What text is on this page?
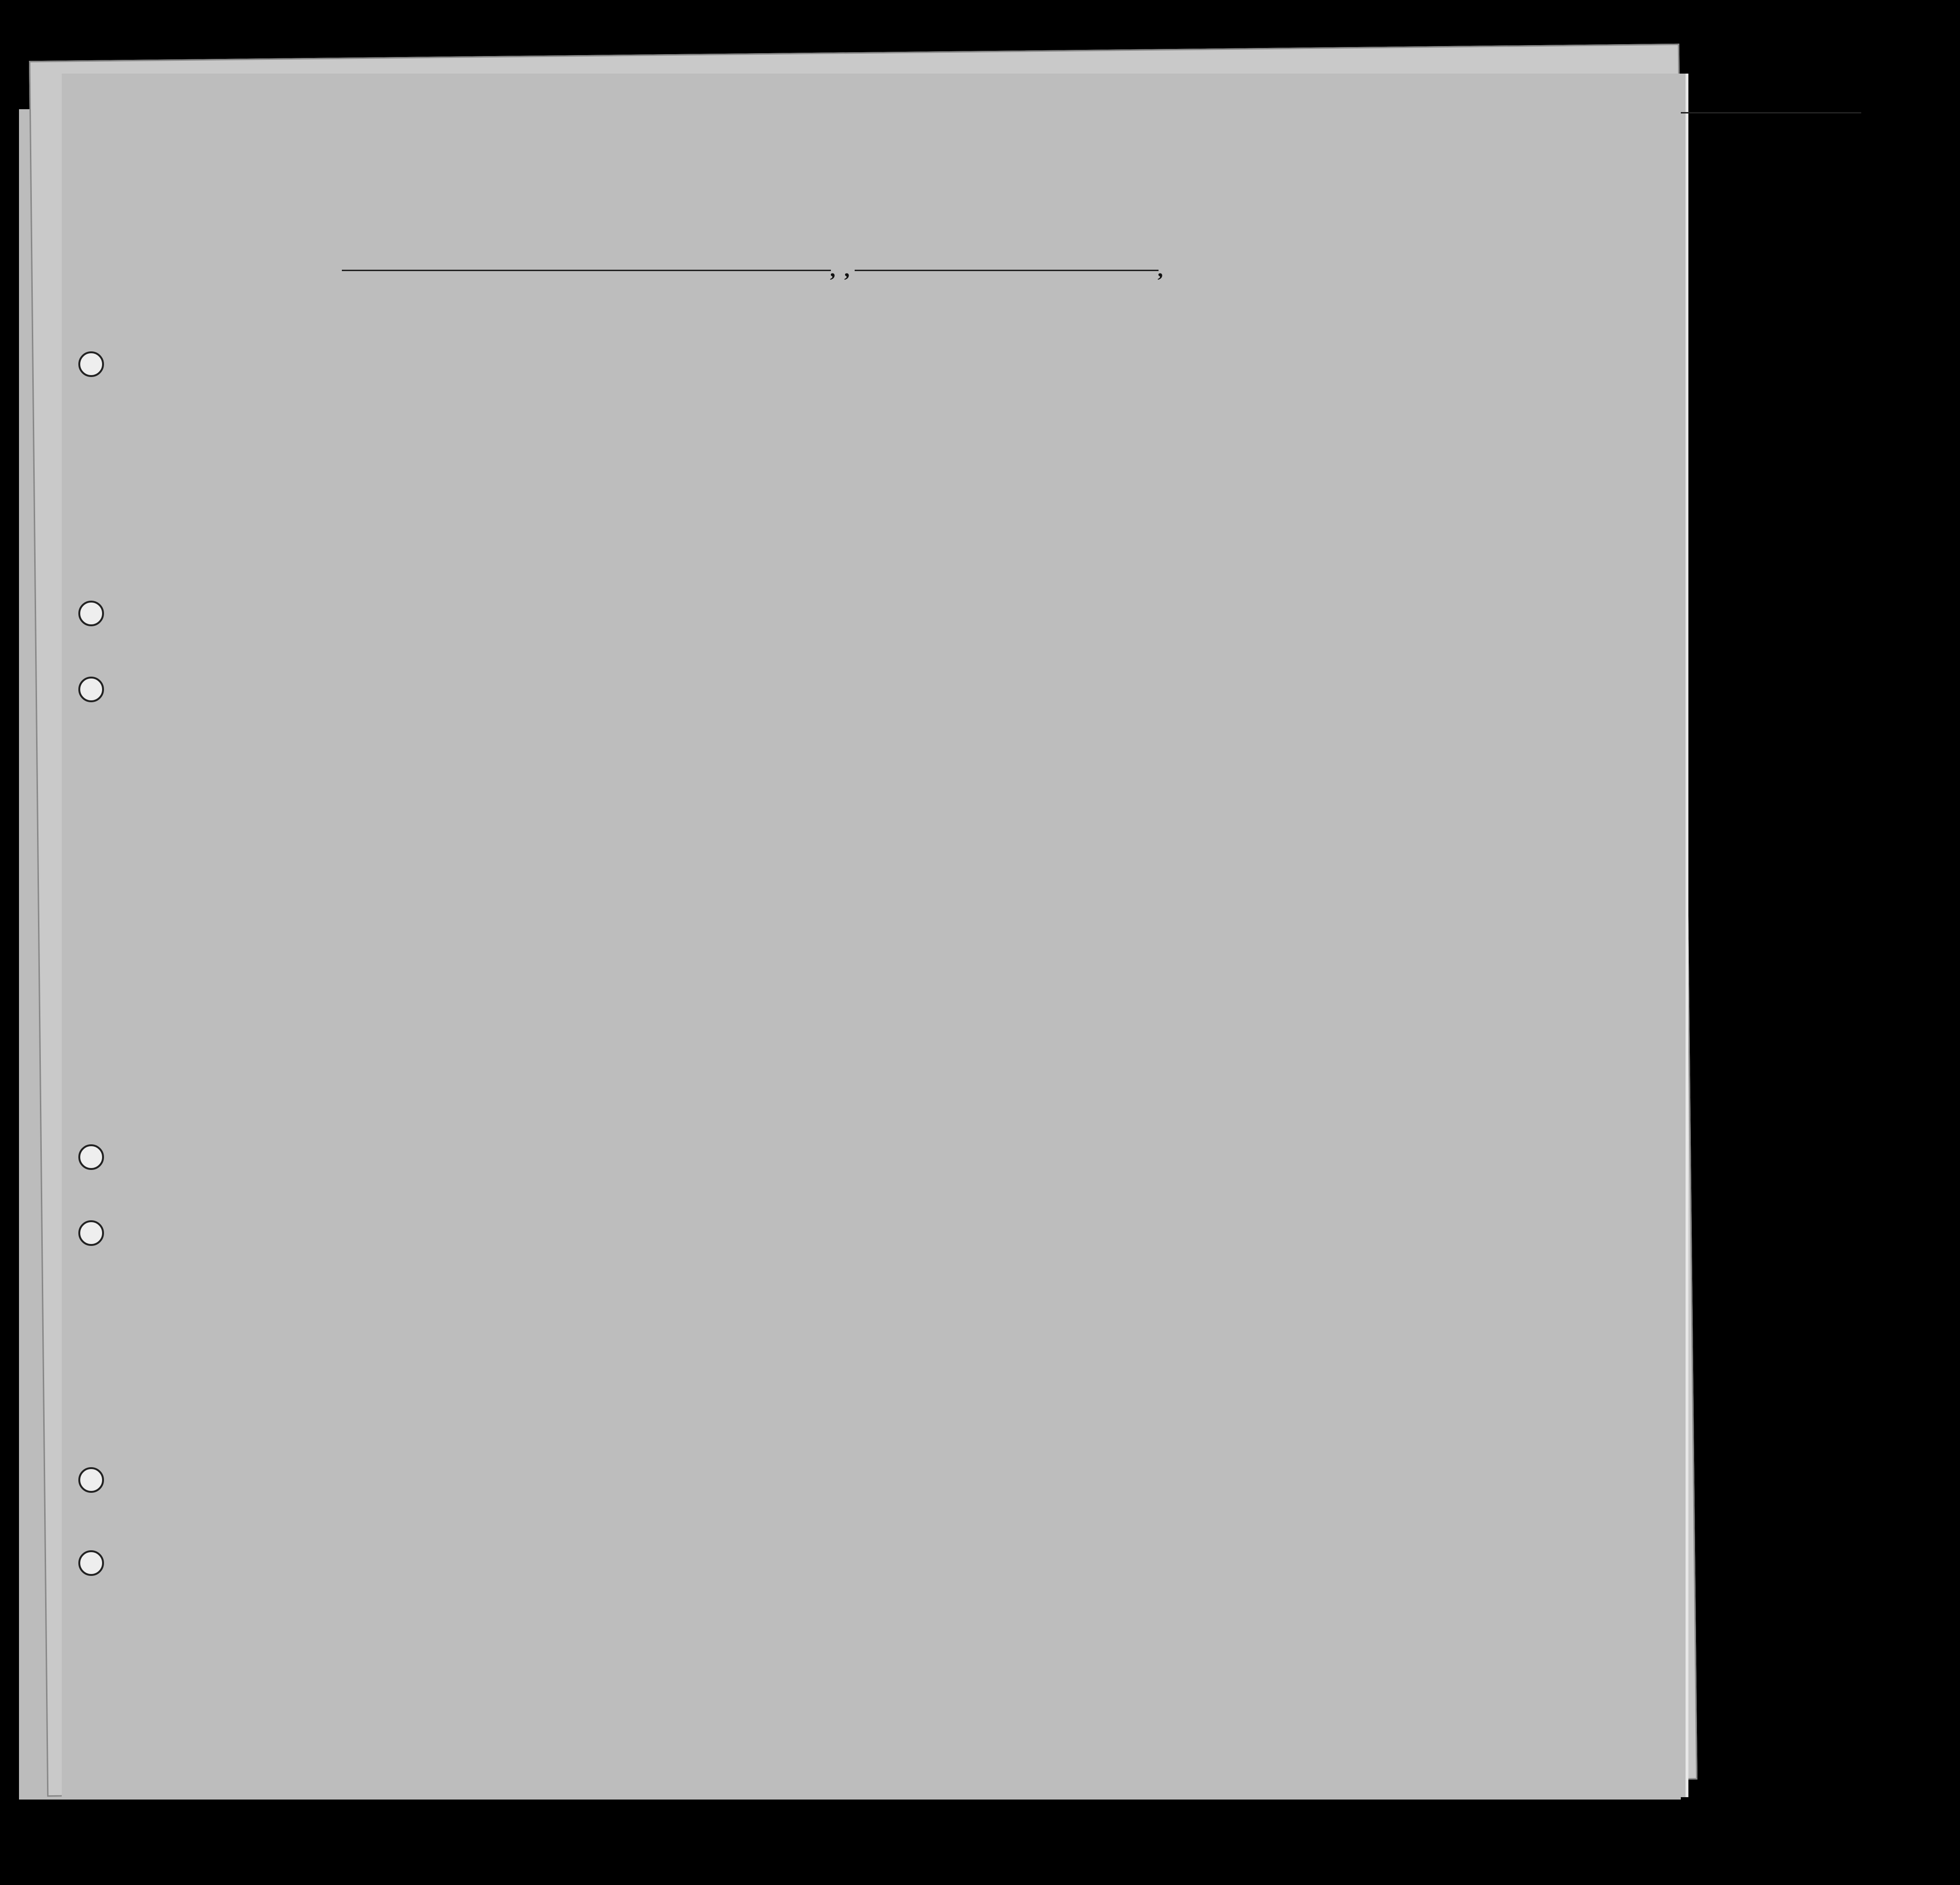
, ,	,
